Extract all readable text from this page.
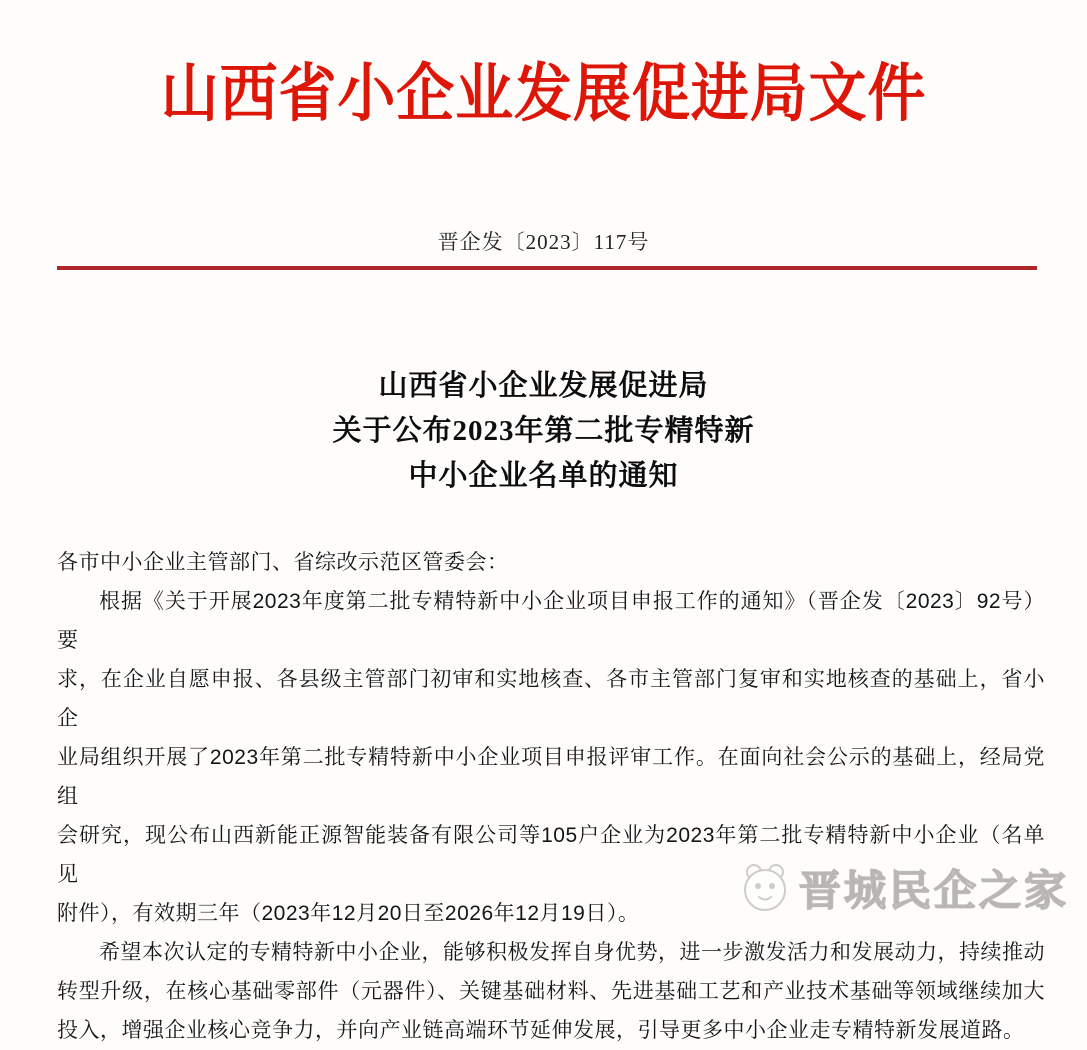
山西省小企业发展促进局文件
晋企发〔2023〕117号
山西省小企业发展促进局
关于公布2023年第二批专精特新
中小企业名单的通知
各市中小企业主管部门、省综改示范区管委会：
根据《关于开展2023年度第二批专精特新中小企业项目申报工作的通知》（晋企发〔2023〕92号）要
求，在企业自愿申报、各县级主管部门初审和实地核查、各市主管部门复审和实地核查的基础上，省小企
业局组织开展了2023年第二批专精特新中小企业项目申报评审工作。在面向社会公示的基础上，经局党组
会研究，现公布山西新能正源智能装备有限公司等105户企业为2023年第二批专精特新中小企业（名单见
附件），有效期三年（2023年12月20日至2026年12月19日）。
希望本次认定的专精特新中小企业，能够积极发挥自身优势，进一步激发活力和发展动力，持续推动
转型升级，在核心基础零部件（元器件）、关键基础材料、先进基础工艺和产业技术基础等领域继续加大
投入，增强企业核心竞争力，并向产业链高端环节延伸发展，引导更多中小企业走专精特新发展道路。
晋城民企之家
